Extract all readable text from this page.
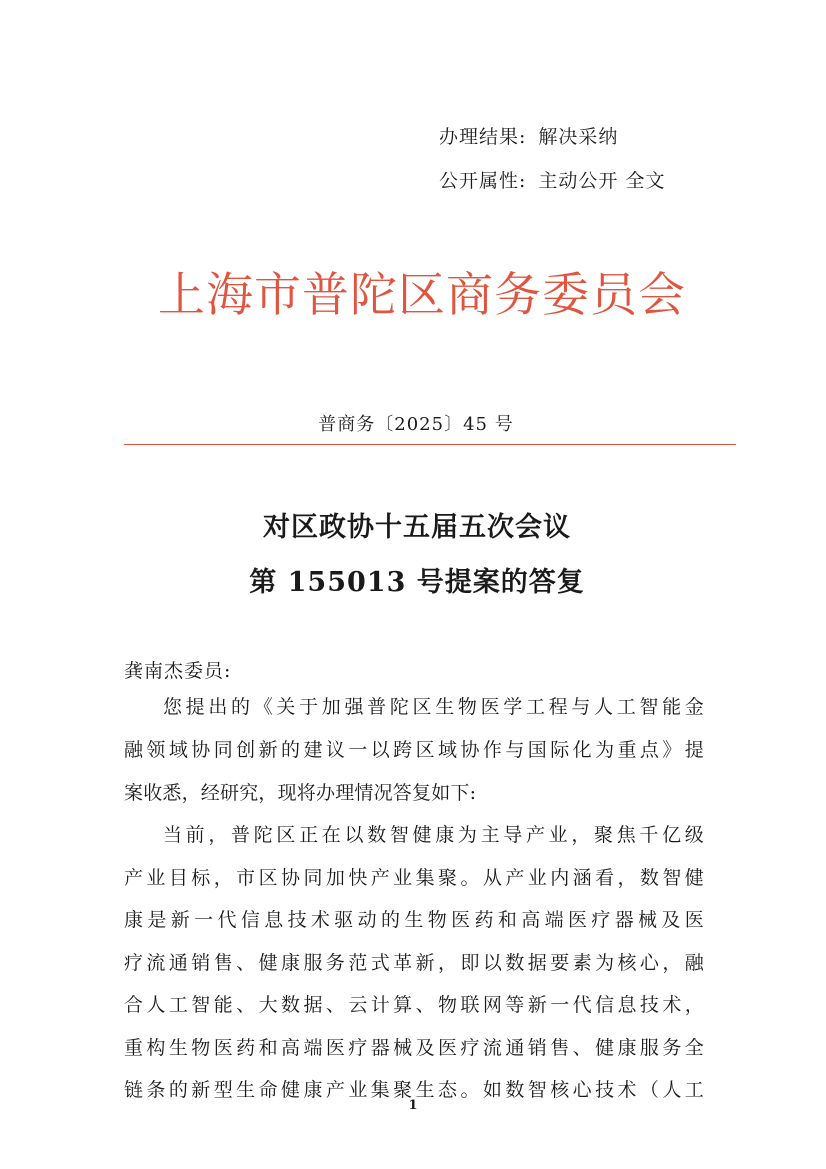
办理结果: 解决采纳
公开属性: 主动公开 全文
上海市普陀区商务委员会
普商务〔2025〕45 号
对区政协十五届五次会议
第 155013 号提案的答复
龚南杰委员:
您提出的《关于加强普陀区生物医学工程与人工智能金
融领域协同创新的建议一以跨区域协作与国际化为重点》提
案收悉，经研究，现将办理情况答复如下:
当前，普陀区正在以数智健康为主导产业，聚焦千亿级
产业目标，市区协同加快产业集聚。从产业内涵看，数智健
康是新一代信息技术驱动的生物医药和高端医疗器械及医
疗流通销售、健康服务范式革新，即以数据要素为核心，融
合人工智能、大数据、云计算、物联网等新一代信息技术，
重构生物医药和高端医疗器械及医疗流通销售、健康服务全
链条的新型生命健康产业集聚生态。如数智核心技术（人工
1
